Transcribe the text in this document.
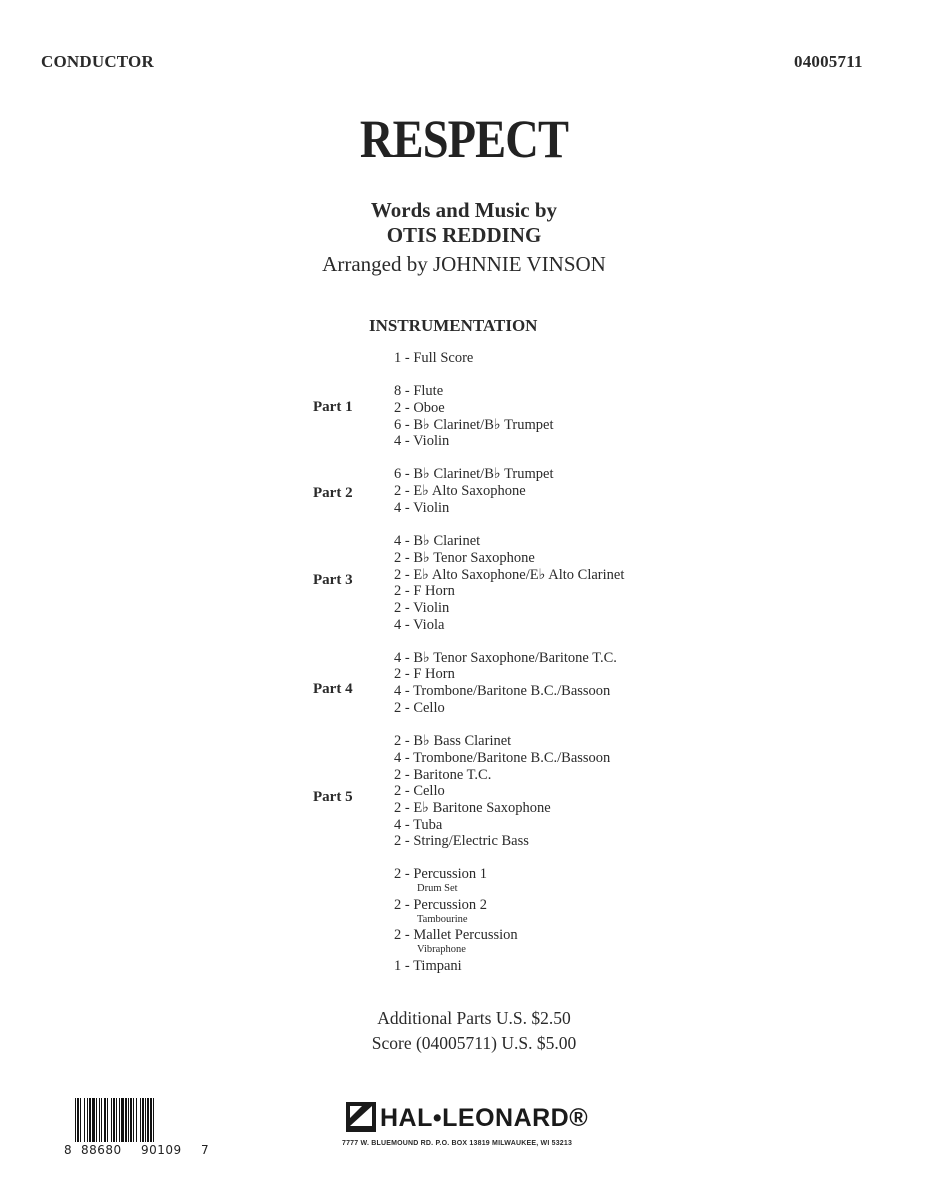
CONDUCTOR	04005711
RESPECT
Words and Music by
OTIS REDDING
Arranged by JOHNNIE VINSON
INSTRUMENTATION
1 - Full Score
Part 1
8 - Flute
2 - Oboe
6 - B♭ Clarinet/B♭ Trumpet
4 - Violin
Part 2
6 - B♭ Clarinet/B♭ Trumpet
2 - E♭ Alto Saxophone
4 - Violin
Part 3
4 - B♭ Clarinet
2 - B♭ Tenor Saxophone
2 - E♭ Alto Saxophone/E♭ Alto Clarinet
2 - F Horn
2 - Violin
4 - Viola
Part 4
4 - B♭ Tenor Saxophone/Baritone T.C.
2 - F Horn
4 - Trombone/Baritone B.C./Bassoon
2 - Cello
Part 5
2 - B♭ Bass Clarinet
4 - Trombone/Baritone B.C./Bassoon
2 - Baritone T.C.
2 - Cello
2 - E♭ Baritone Saxophone
4 - Tuba
2 - String/Electric Bass
2 - Percussion 1
Drum Set
2 - Percussion 2
Tambourine
2 - Mallet Percussion
Vibraphone
1 - Timpani
Additional Parts U.S. $2.50
Score (04005711) U.S. $5.00
8 88680 90109 7
HAL•LEONARD®
7777 W. BLUEMOUND RD. P.O. BOX 13819 MILWAUKEE, WI 53213
